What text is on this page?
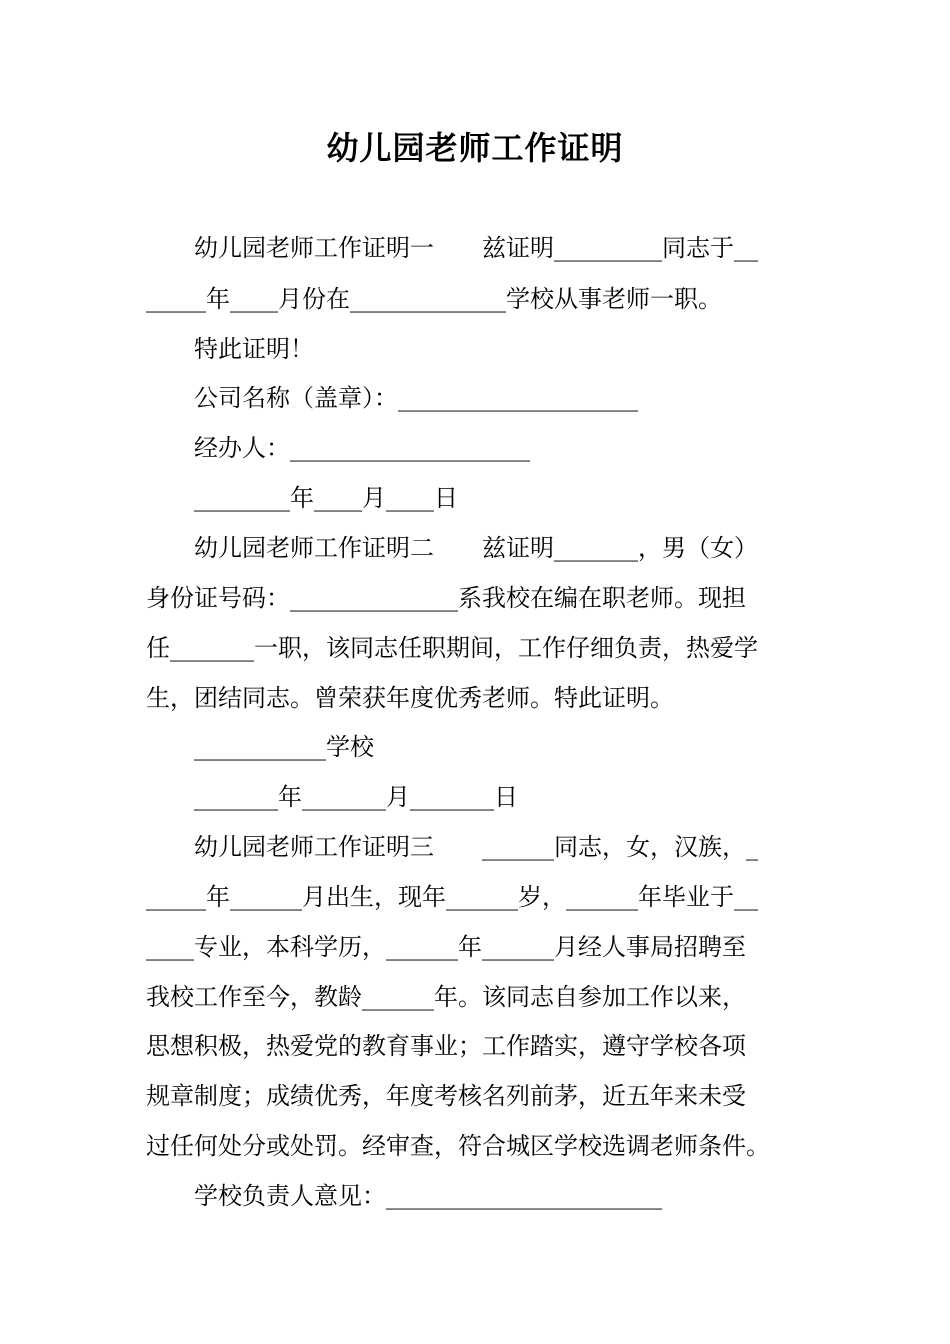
幼儿园老师工作证明
幼儿园老师工作证明一　　兹证明_________同志于__
_____年____月份在_____________学校从事老师一职。
特此证明！
公司名称（盖章）：____________________
经办人：____________________
________年____月____日
幼儿园老师工作证明二　　兹证明_______，男（女）
身份证号码：______________系我校在编在职老师。现担
任_______一职，该同志任职期间，工作仔细负责，热爱学
生，团结同志。曾荣获年度优秀老师。特此证明。
___________学校
_______年_______月_______日
幼儿园老师工作证明三　　______同志，女，汉族，_
_____年______月出生，现年______岁，______年毕业于__
____专业，本科学历，______年______月经人事局招聘至
我校工作至今，教龄______年。该同志自参加工作以来，
思想积极，热爱党的教育事业；工作踏实，遵守学校各项
规章制度；成绩优秀，年度考核名列前茅，近五年来未受
过任何处分或处罚。经审查，符合城区学校选调老师条件。
学校负责人意见：_______________________
